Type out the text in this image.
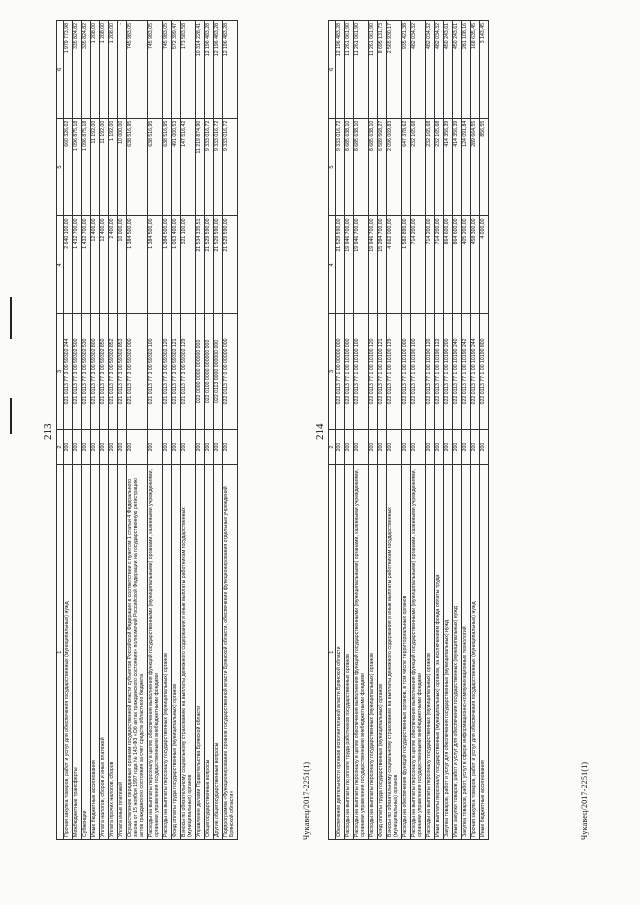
213
1	2	3	4	5	6
Прочая закупка товаров, работ и услуг для обеспечения государственных (муниципальных) нужд	200	021 0113 77 3 00 59302 244	2 640 100,00	660 326,02	1 979 773,98
Межбюджетные трансферты	200	021 0113 77 3 00 59302 500	1 432 700,00	1 096 875,18	335 824,82
Субвенции	200	021 0113 77 3 00 59302 530	1 432 700,00	1 096 875,18	335 824,82
Иные бюджетные ассигнования	200	021 0113 77 3 00 59302 800	12 400,00	11 192,00	1 208,00
Уплата налогов, сборов и иных платежей	200	021 0113 77 3 00 59302 850	12 400,00	11 192,00	1 208,00
Уплата прочих налогов, сборов	200	021 0113 77 3 00 59302 852	2 400,00	1 192,00	1 208,00
Уплата иных платежей	200	021 0113 77 3 00 59302 853	10 000,00	10 000,00	-
Осуществление переданных органам государственной власти субъектов Российской Федерации в соответствии с пунктом 1 статьи 4 Федерального закона от 15 ноября 1997 года № 143-ФЗ «Об актах гражданского состояния» полномочий Российской Федерации на государственную регистрацию актов гражданского состояния за счет средств областного бюджета	200	021 0113 77 3 00 59302 000	1 384 500,00	638 516,95	745 983,05
Расходы на выплаты персоналу в целях обеспечения выполнения функций государственными (муниципальными) органами, казенными учреждениями, органами управления государственными внебюджетными фондами	200	021 0113 77 3 00 59302 100	1 384 500,00	638 516,95	745 983,05
Расходы на выплаты персоналу государственных (муниципальных) органов	200	021 0113 77 3 00 59302 120	1 384 500,00	638 516,95	745 983,05
Фонд оплаты труда государственных (муниципальных) органов	200	021 0113 77 3 00 59302 121	1 063 400,00	491 000,53	572 399,47
Взносы по обязательному социальному страхованию на выплаты денежного содержания и иные выплаты работникам государственных (муниципальных) органов	200	021 0113 77 3 00 59302 129	321 100,00	147 516,42	173 583,58
Управление делами Правительства Брянской области	200	022 0000 0000 000000 000	21 534 335,51	11 219 874,90	10 314 228,41
Общегосударственные вопросы	200	022 0100 0000 000000 000	21 529 590,00	9 333 016,72	12 196 483,28
Другие общегосударственные вопросы	200	022 0113 0000 000000 000	21 529 590,00	9 333 016,72	12 196 483,28
Подпрограмма «Функционирование органов государственной власти Брянской области, обеспечение функционирования отдельных учреждений Брянской области»	200	022 0113 77 0 00 00000 000	21 529 590,00	9 333 016,72	12 196 483,28
Чукавец/2017-2251(1)
214
1	2	3	4	5	6
Обеспечение деятельности органов исполнительной власти Брянской области	200	022 0113 77 1 00 00000 000	21 529 590,00	9 333 016,72	12 196 483,28
Расходы на выплаты по оплате труда работников государственных органов	200	022 0113 77 1 00 10100 000	19 946 700,00	8 685 638,10	11 261 061,90
Расходы на выплаты персоналу в целях обеспечения выполнения функций государственными (муниципальными) органами, казенными учреждениями, органами управления государственными внебюджетными фондами	200	022 0113 77 1 00 10100 100	19 946 700,00	8 685 638,10	11 261 061,90
Расходы на выплаты персоналу государственных (муниципальных) органов	200	022 0113 77 1 00 10100 120	19 946 700,00	8 685 638,10	11 261 061,90
Фонд оплаты труда государственных (муниципальных) органов	200	022 0113 77 1 00 10100 121	15 284 700,00	6 589 568,27	8 695 131,73
Взносы по обязательному социальному страхованию на выплаты денежного содержания и иные выплаты работникам государственных (муниципальных) органов	200	022 0113 77 1 00 10100 129	4 662 000,00	2 096 069,83	2 565 930,17
Расходы на обеспечение функций государственных органов, в том числе территориальных органов	200	022 0113 77 1 00 10100 000	1 582 890,00	647 378,62	935 421,38
Расходы на выплаты персоналу в целях обеспечения выполнения функций государственными (муниципальными) органами, казенными учреждениями, органами управления государственными внебюджетными фондами	200	022 0113 77 1 00 10190 100	714 200,00	232 165,68	482 034,32
Расходы на выплаты персоналу государственных (муниципальных) органов	200	022 0113 77 1 00 10190 120	714 200,00	232 165,68	482 034,32
Иные выплаты персоналу государственных (муниципальных) органов, за исключением фонда оплаты труда	200	022 0113 77 1 00 10190 122	714 200,00	232 165,68	482 034,32
Закупка товаров, работ и услуг для обеспечения государственных (муниципальных) нужд	200	022 0113 77 1 00 10190 200	864 600,00	414 356,39	450 243,61
Иные закупки товаров, работ и услуг для обеспечения государственных (муниципальных) нужд	200	022 0113 77 1 00 10190 240	864 600,00	414 356,39	450 243,61
Закупка товаров, работ, услуг в сфере информационно-коммуникационных технологий	200	022 0113 77 1 00 10190 242	405 200,00	124 091,84	281 108,16
Прочая закупка товаров, работ и услуг для обеспечения государственных (муниципальных) нужд	200	022 0113 77 1 00 10190 244	458 300,00	289 664,55	168 635,45
Иные бюджетные ассигнования	200	022 0113 77 1 00 10190 800	4 000,00	856,55	3 143,45
Чукавец/2017-2251(1)
